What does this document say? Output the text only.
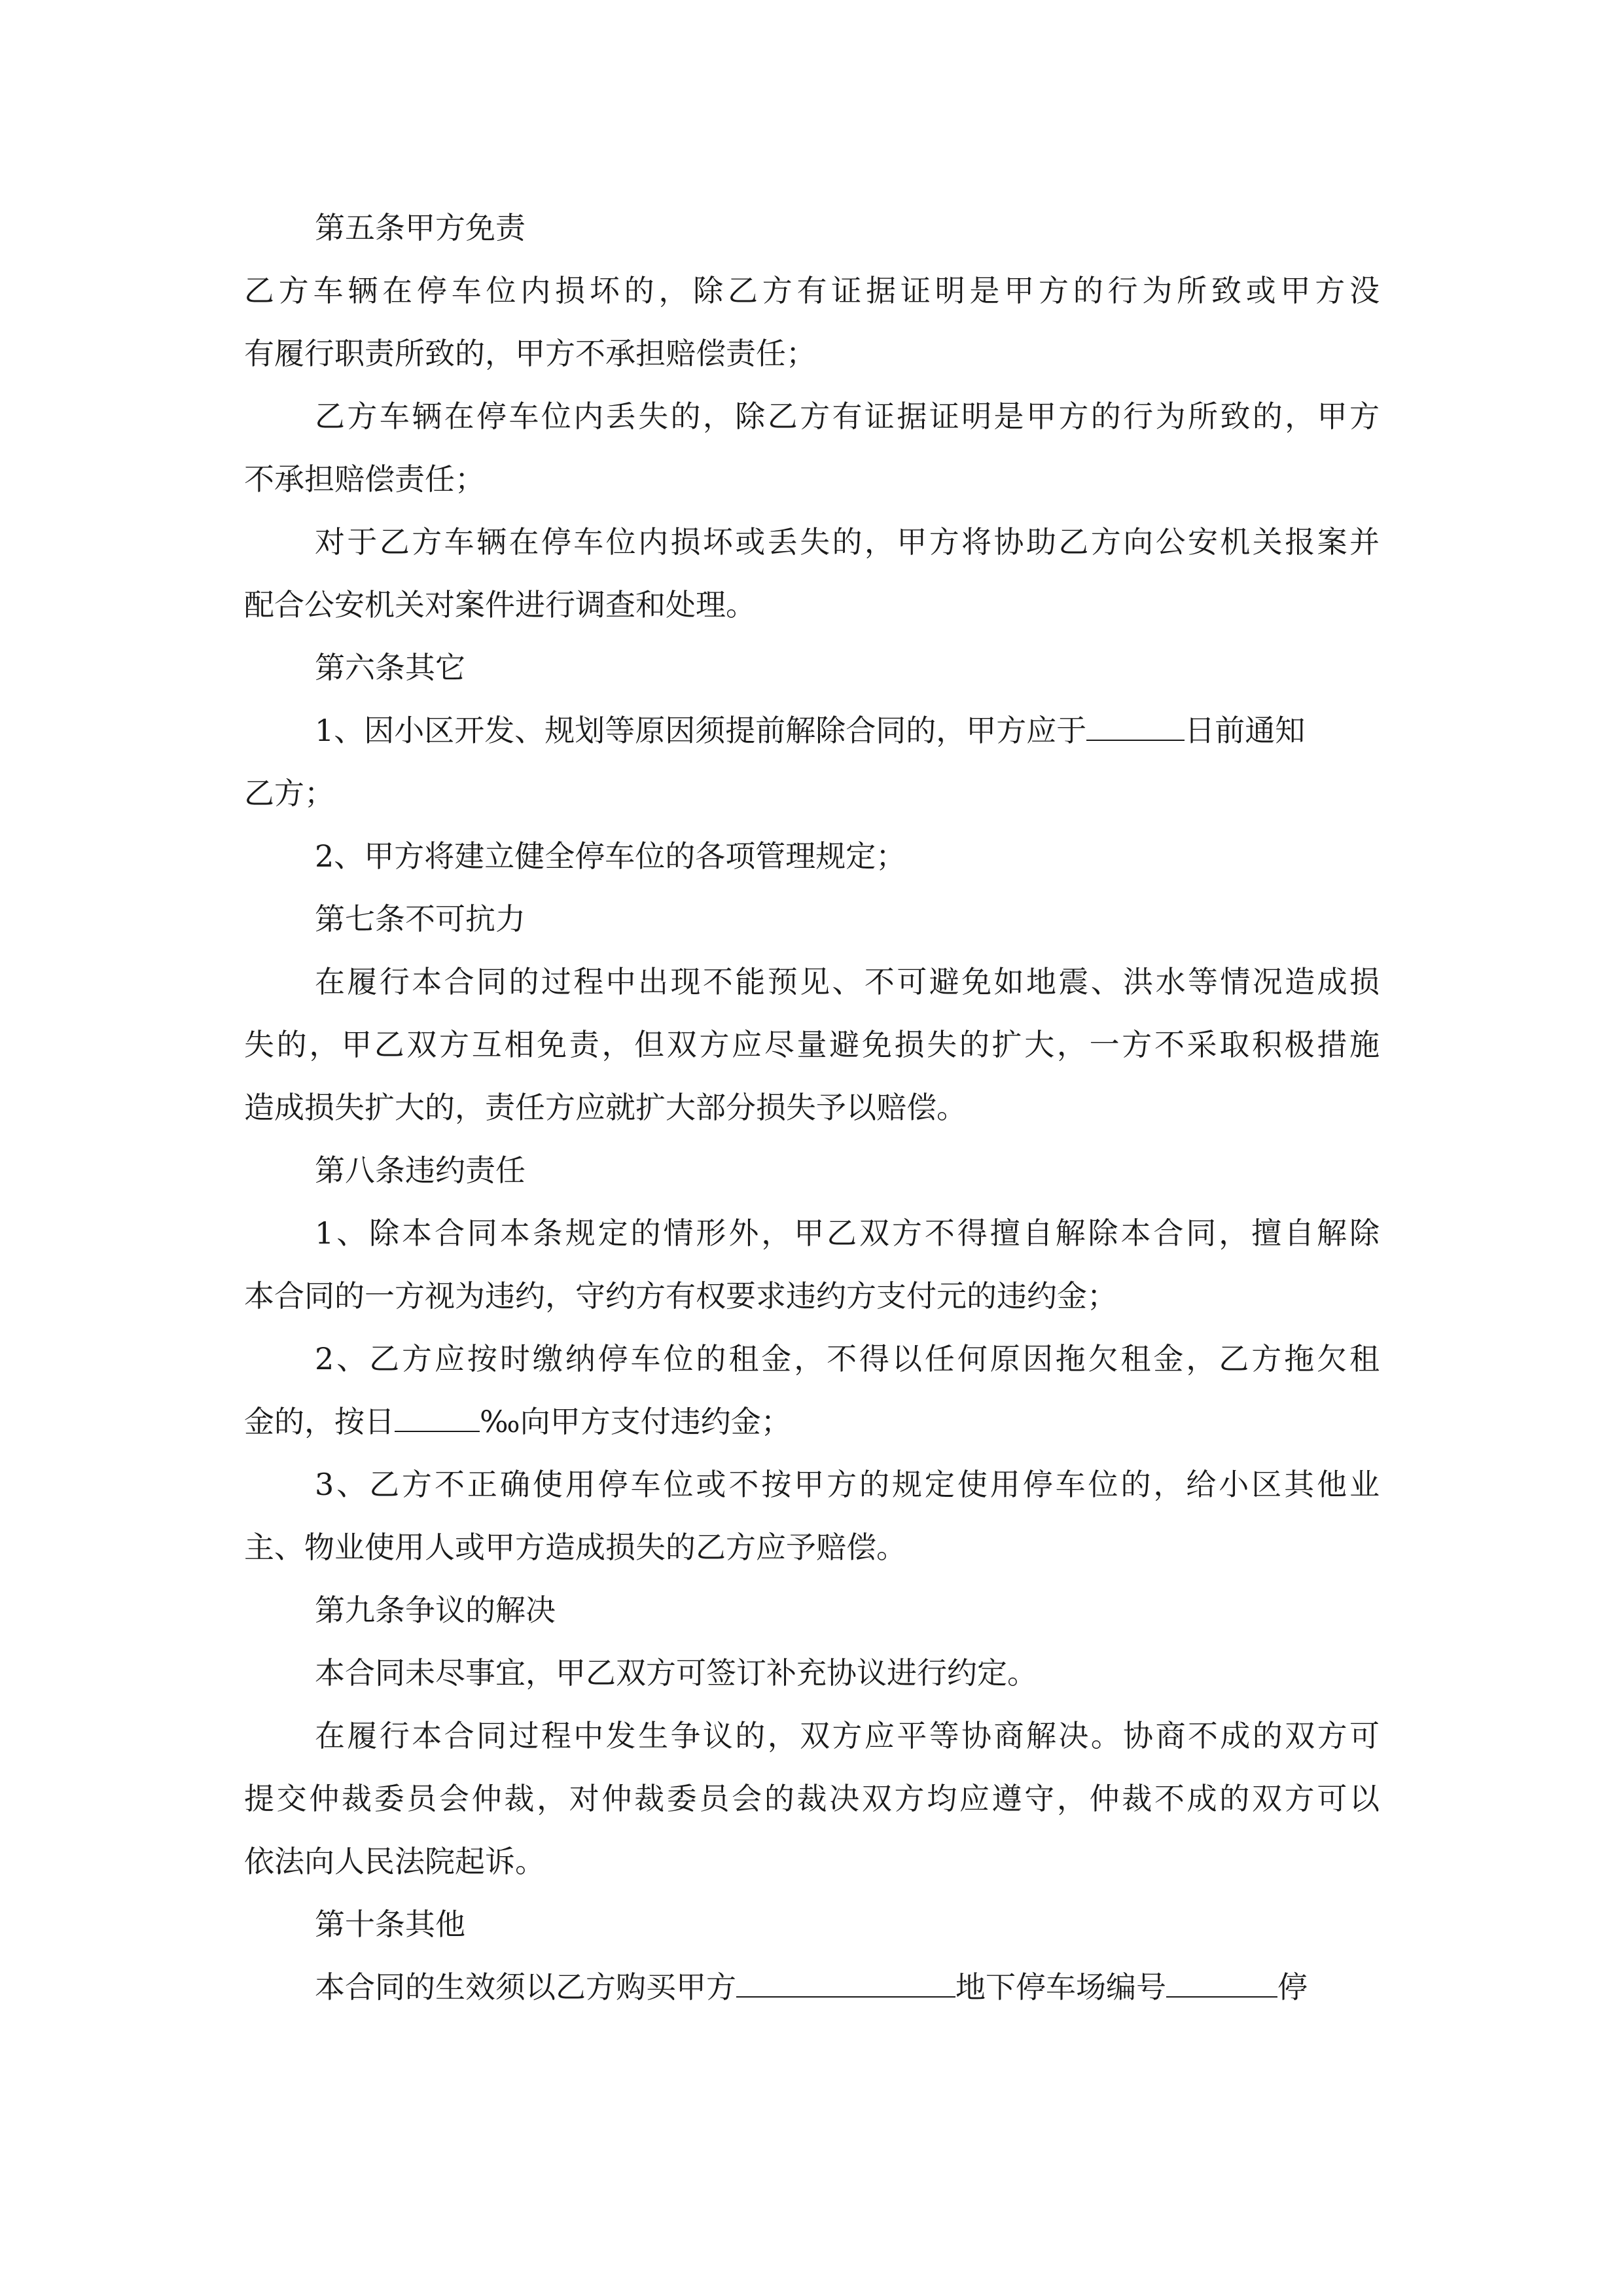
第五条甲方免责
乙方车辆在停车位内损坏的，除乙方有证据证明是甲方的行为所致或甲方没
有履行职责所致的，甲方不承担赔偿责任；
乙方车辆在停车位内丢失的，除乙方有证据证明是甲方的行为所致的，甲方
不承担赔偿责任；
对于乙方车辆在停车位内损坏或丢失的，甲方将协助乙方向公安机关报案并
配合公安机关对案件进行调查和处理。
第六条其它
1、因小区开发、规划等原因须提前解除合同的，甲方应于	日前通知
乙方；
2、甲方将建立健全停车位的各项管理规定；
第七条不可抗力
在履行本合同的过程中出现不能预见、不可避免如地震、洪水等情况造成损
失的，甲乙双方互相免责，但双方应尽量避免损失的扩大，一方不采取积极措施
造成损失扩大的，责任方应就扩大部分损失予以赔偿。
第八条违约责任
1、除本合同本条规定的情形外，甲乙双方不得擅自解除本合同，擅自解除
本合同的一方视为违约，守约方有权要求违约方支付元的违约金；
2、乙方应按时缴纳停车位的租金，不得以任何原因拖欠租金，乙方拖欠租
金的，按日	‰向甲方支付违约金；
3、乙方不正确使用停车位或不按甲方的规定使用停车位的，给小区其他业
主、物业使用人或甲方造成损失的乙方应予赔偿。
第九条争议的解决
本合同未尽事宜，甲乙双方可签订补充协议进行约定。
在履行本合同过程中发生争议的，双方应平等协商解决。协商不成的双方可
提交仲裁委员会仲裁，对仲裁委员会的裁决双方均应遵守，仲裁不成的双方可以
依法向人民法院起诉。
第十条其他
本合同的生效须以乙方购买甲方	地下停车场编号	停
